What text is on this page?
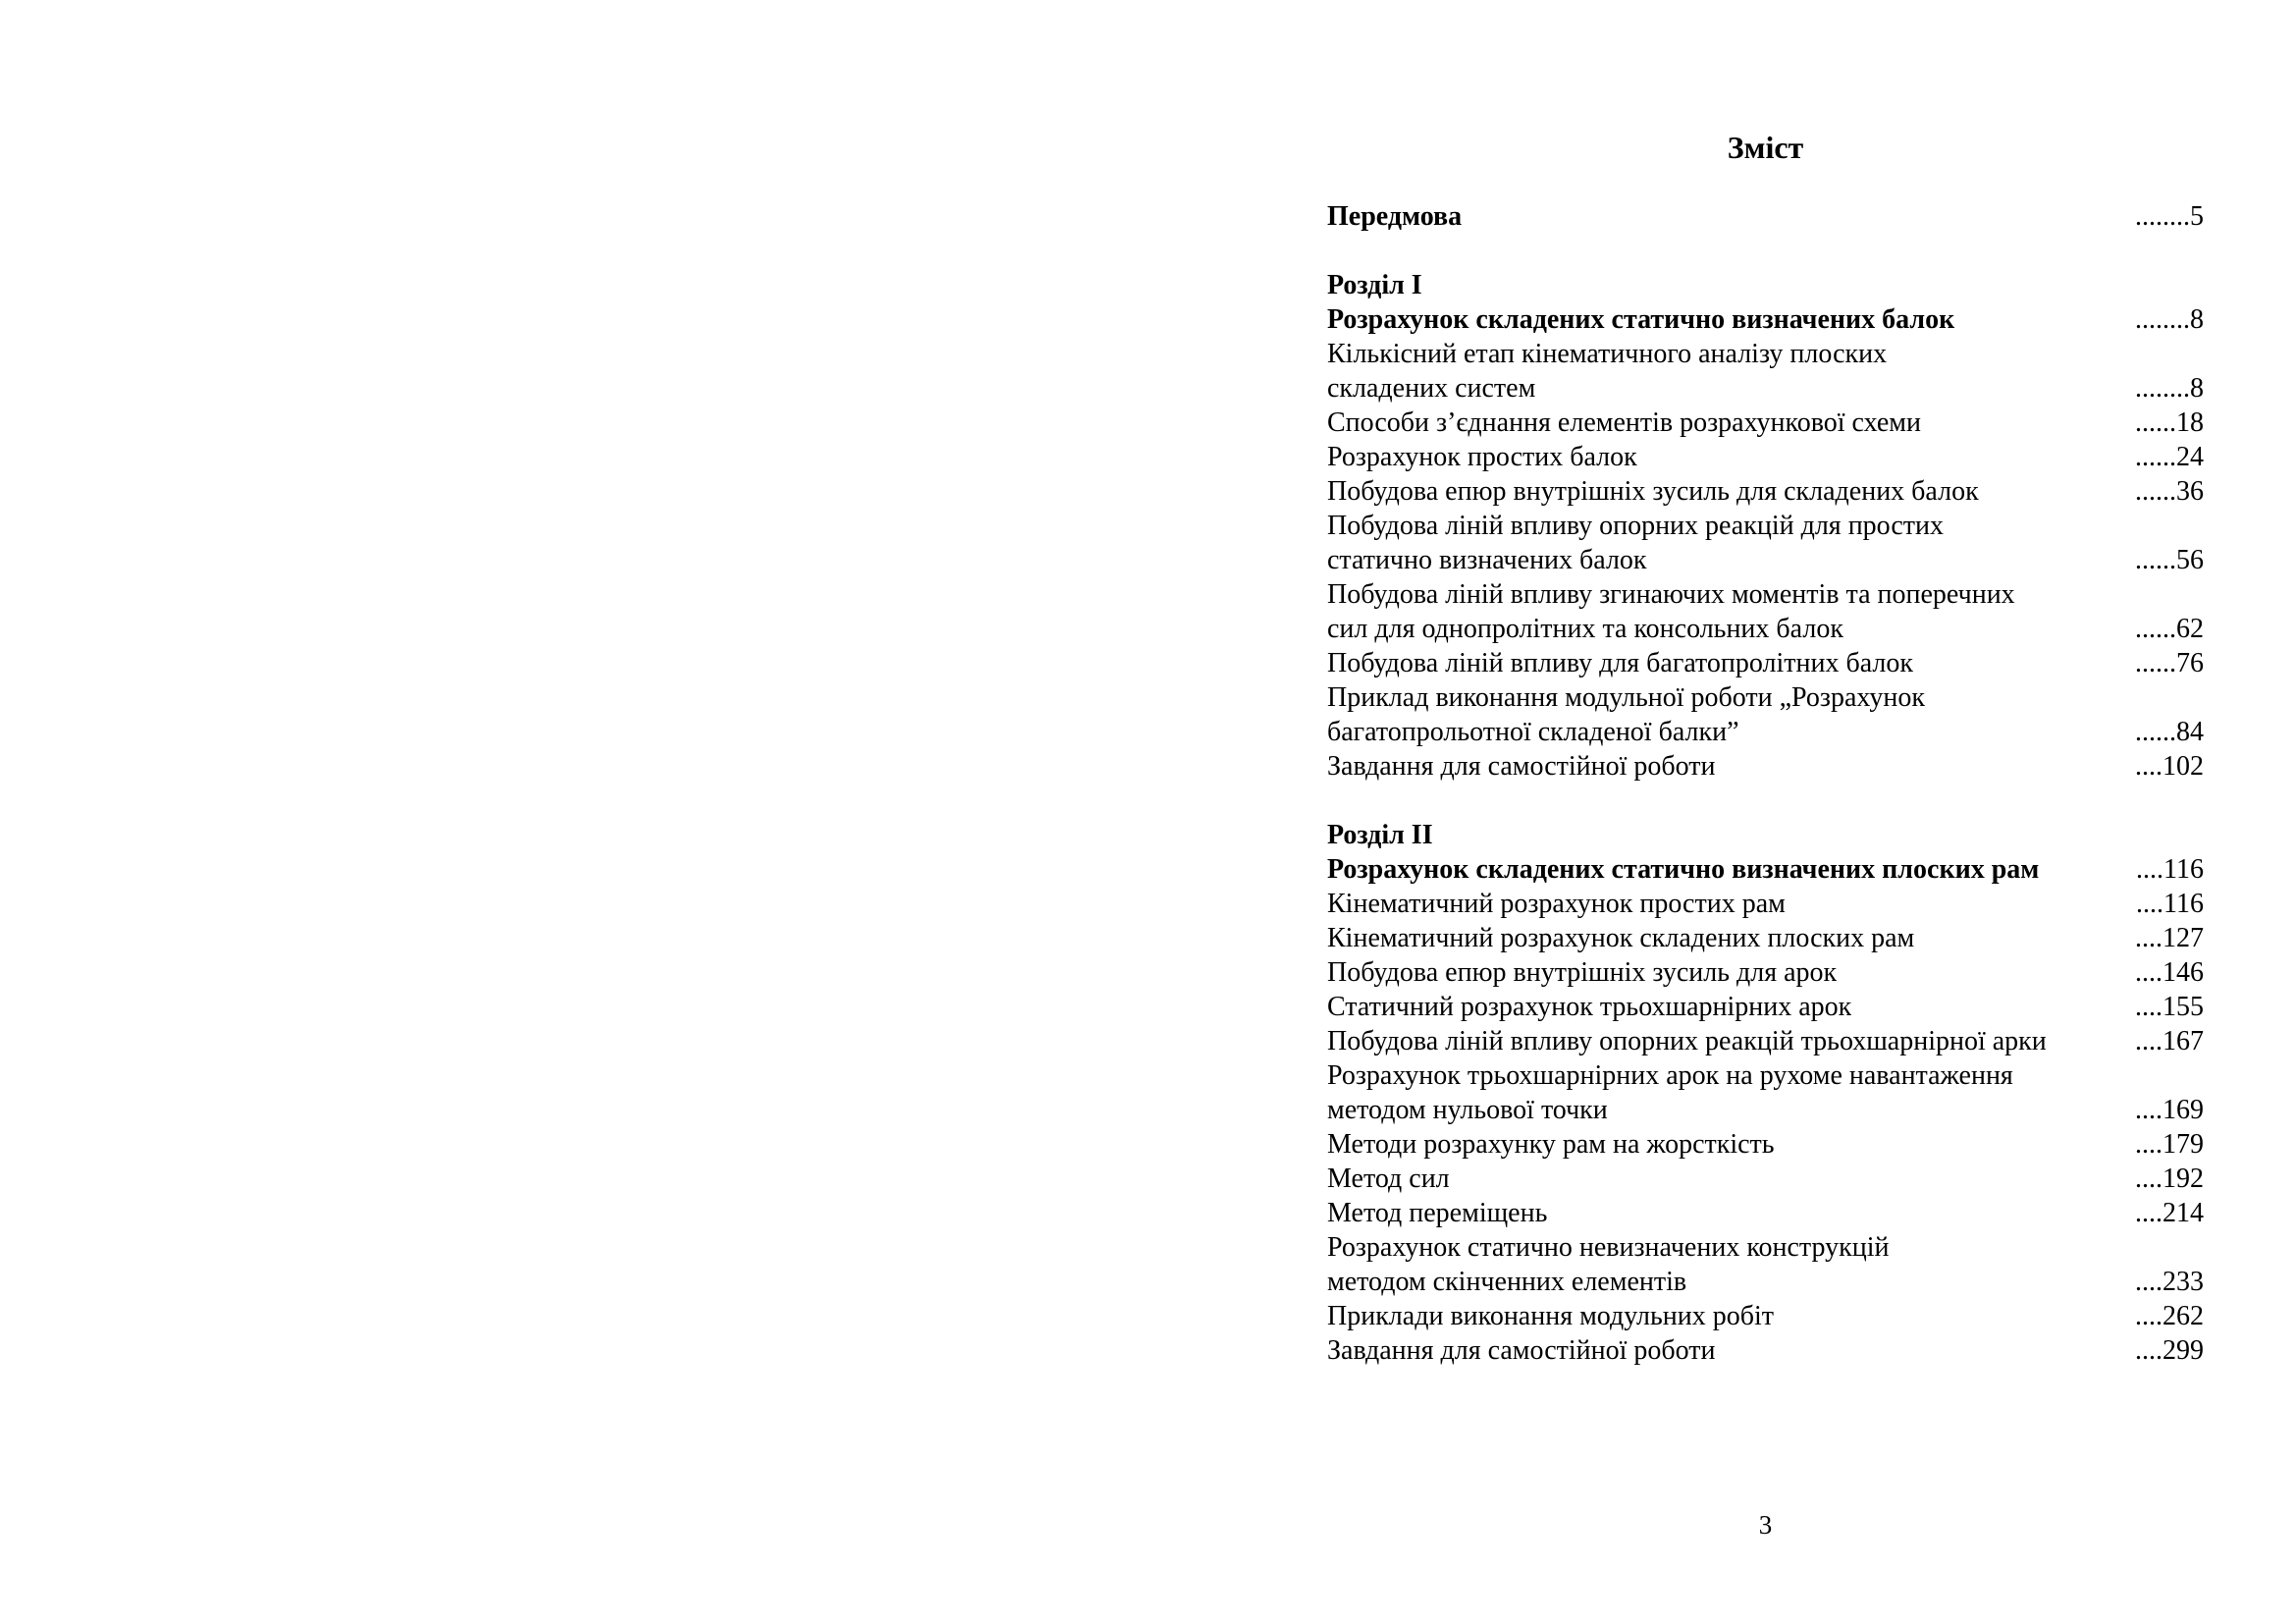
Зміст
Передмова	........5
Розділ I
Розрахунок складених статично визначених балок	........8
Кількісний етап кінематичного аналізу плоских
складених систем	........8
Способи з’єднання елементів розрахункової схеми	......18
Розрахунок простих балок	......24
Побудова епюр внутрішніх зусиль для складених балок	......36
Побудова ліній впливу опорних реакцій для простих
статично визначених балок	......56
Побудова ліній впливу згинаючих моментів та поперечних
сил для однопролітних та консольних балок	......62
Побудова ліній впливу для багатопролітних балок	......76
Приклад виконання модульної роботи „Розрахунок
багатопрольотної складеної балки”	......84
Завдання для самостійної роботи	....102
Розділ II
Розрахунок складених статично визначених плоских рам	....116
Кінематичний розрахунок простих рам	....116
Кінематичний розрахунок складених плоских рам	....127
Побудова епюр внутрішніх зусиль для арок	....146
Статичний розрахунок трьохшарнірних арок	....155
Побудова ліній впливу опорних реакцій трьохшарнірної арки	....167
Розрахунок трьохшарнірних арок на рухоме навантаження
методом нульової точки	....169
Методи розрахунку рам на жорсткість	....179
Метод сил	....192
Метод переміщень	....214
Розрахунок статично невизначених конструкцій
методом скінченних елементів	....233
Приклади виконання модульних робіт	....262
Завдання для самостійної роботи	....299
3
